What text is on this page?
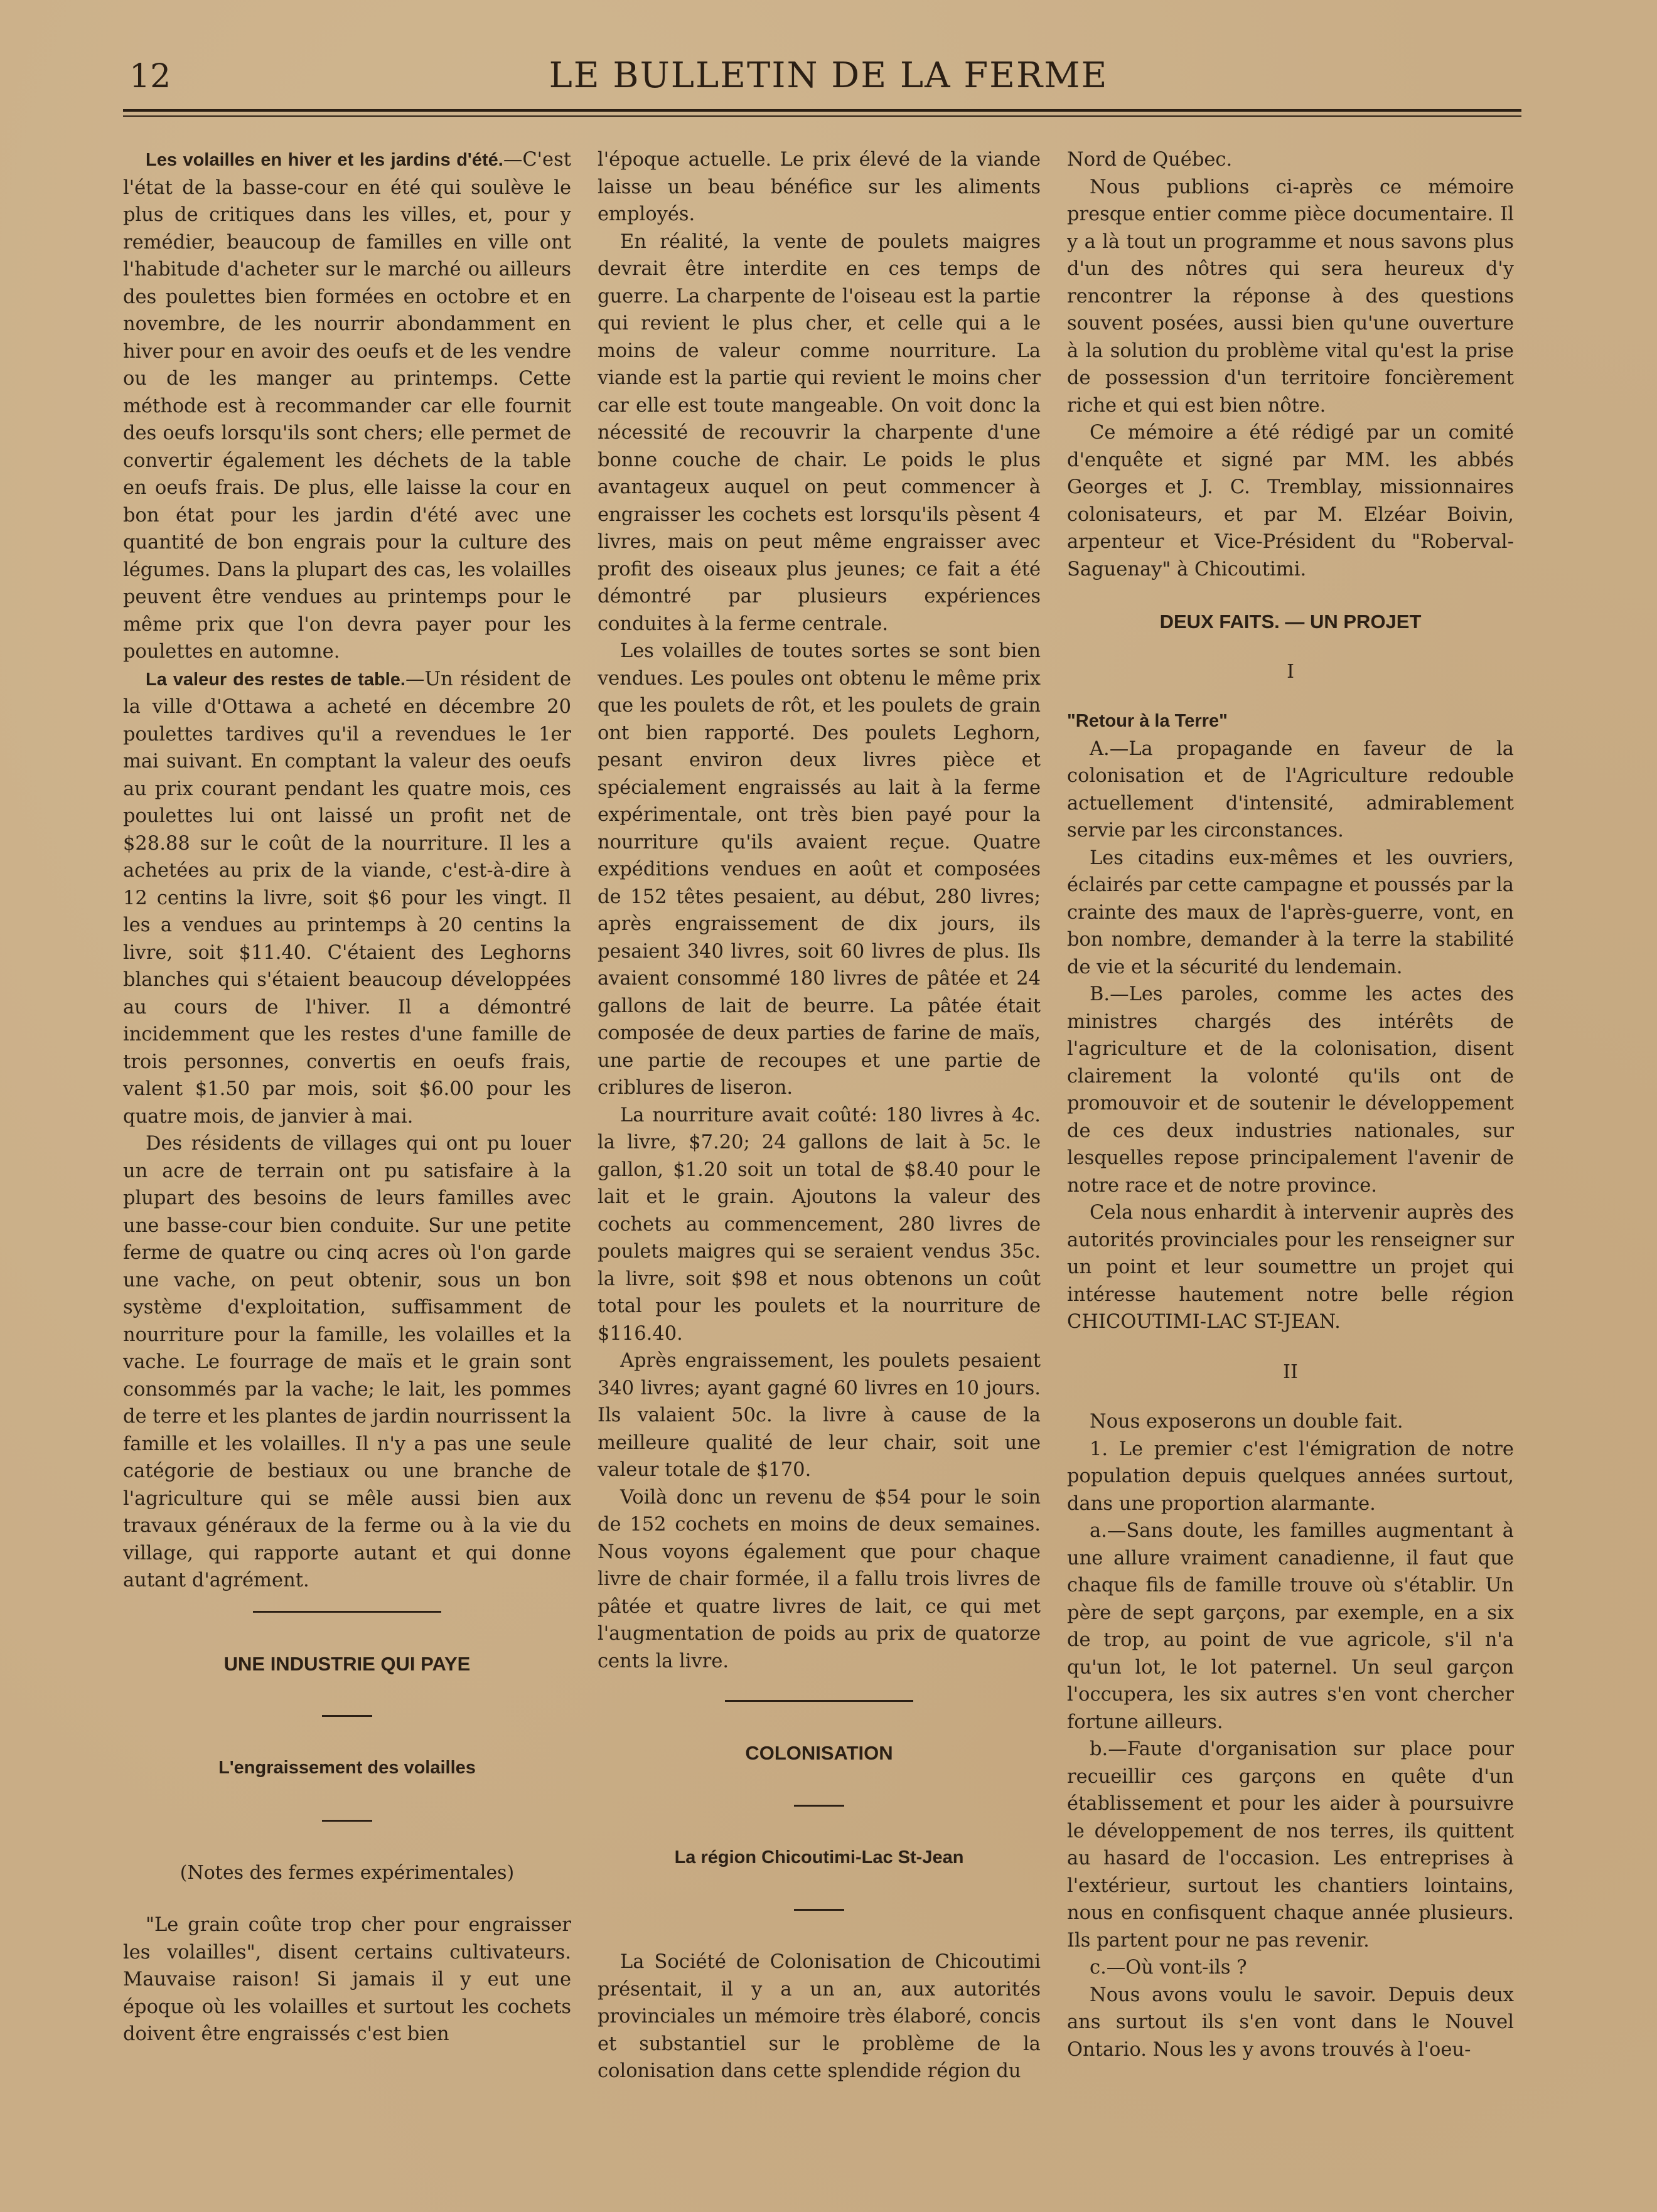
12	LE BULLETIN DE LA FERME

Les volailles en hiver et les jardins d'été.—C'est l'état de la basse-cour en été qui soulève le plus de critiques dans les villes, et, pour y remédier, beaucoup de familles en ville ont l'habitude d'acheter sur le marché ou ailleurs des poulettes bien formées en octobre et en novembre, de les nourrir abondamment en hiver pour en avoir des oeufs et de les vendre ou de les manger au printemps. Cette méthode est à recommander car elle fournit des oeufs lorsqu'ils sont chers; elle permet de convertir également les déchets de la table en oeufs frais. De plus, elle laisse la cour en bon état pour les jardin d'été avec une quantité de bon engrais pour la culture des légumes. Dans la plupart des cas, les volailles peuvent être vendues au printemps pour le même prix que l'on devra payer pour les poulettes en automne.

La valeur des restes de table.—Un résident de la ville d'Ottawa a acheté en décembre 20 poulettes tardives qu'il a revendues le 1er mai suivant. En comptant la valeur des oeufs au prix courant pendant les quatre mois, ces poulettes lui ont laissé un profit net de $28.88 sur le coût de la nourriture. Il les a achetées au prix de la viande, c'est-à-dire à 12 centins la livre, soit $6 pour les vingt. Il les a vendues au printemps à 20 centins la livre, soit $11.40. C'étaient des Leghorns blanches qui s'étaient beaucoup développées au cours de l'hiver. Il a démontré incidemment que les restes d'une famille de trois personnes, convertis en oeufs frais, valent $1.50 par mois, soit $6.00 pour les quatre mois, de janvier à mai.

Des résidents de villages qui ont pu louer un acre de terrain ont pu satisfaire à la plupart des besoins de leurs familles avec une basse-cour bien conduite. Sur une petite ferme de quatre ou cinq acres où l'on garde une vache, on peut obtenir, sous un bon système d'exploitation, suffisamment de nourriture pour la famille, les volailles et la vache. Le fourrage de maïs et le grain sont consommés par la vache; le lait, les pommes de terre et les plantes de jardin nourrissent la famille et les volailles. Il n'y a pas une seule catégorie de bestiaux ou une branche de l'agriculture qui se mêle aussi bien aux travaux généraux de la ferme ou à la vie du village, qui rapporte autant et qui donne autant d'agrément.

UNE INDUSTRIE QUI PAYE
L'engraissement des volailles
(Notes des fermes expérimentales)

"Le grain coûte trop cher pour engraisser les volailles", disent certains cultivateurs. Mauvaise raison! Si jamais il y eut une époque où les volailles et surtout les cochets doivent être engraissés c'est bien

l'époque actuelle. Le prix élevé de la viande laisse un beau bénéfice sur les aliments employés.

En réalité, la vente de poulets maigres devrait être interdite en ces temps de guerre. La charpente de l'oiseau est la partie qui revient le plus cher, et celle qui a le moins de valeur comme nourriture. La viande est la partie qui revient le moins cher car elle est toute mangeable. On voit donc la nécessité de recouvrir la charpente d'une bonne couche de chair. Le poids le plus avantageux auquel on peut commencer à engraisser les cochets est lorsqu'ils pèsent 4 livres, mais on peut même engraisser avec profit des oiseaux plus jeunes; ce fait a été démontré par plusieurs expériences conduites à la ferme centrale.

Les volailles de toutes sortes se sont bien vendues. Les poules ont obtenu le même prix que les poulets de rôt, et les poulets de grain ont bien rapporté. Des poulets Leghorn, pesant environ deux livres pièce et spécialement engraissés au lait à la ferme expérimentale, ont très bien payé pour la nourriture qu'ils avaient reçue. Quatre expéditions vendues en août et composées de 152 têtes pesaient, au début, 280 livres; après engraissement de dix jours, ils pesaient 340 livres, soit 60 livres de plus. Ils avaient consommé 180 livres de pâtée et 24 gallons de lait de beurre. La pâtée était composée de deux parties de farine de maïs, une partie de recoupes et une partie de criblures de liseron.

La nourriture avait coûté: 180 livres à 4c. la livre, $7.20; 24 gallons de lait à 5c. le gallon, $1.20 soit un total de $8.40 pour le lait et le grain. Ajoutons la valeur des cochets au commencement, 280 livres de poulets maigres qui se seraient vendus 35c. la livre, soit $98 et nous obtenons un coût total pour les poulets et la nourriture de $116.40.

Après engraissement, les poulets pesaient 340 livres; ayant gagné 60 livres en 10 jours. Ils valaient 50c. la livre à cause de la meilleure qualité de leur chair, soit une valeur totale de $170.

Voilà donc un revenu de $54 pour le soin de 152 cochets en moins de deux semaines. Nous voyons également que pour chaque livre de chair formée, il a fallu trois livres de pâtée et quatre livres de lait, ce qui met l'augmentation de poids au prix de quatorze cents la livre.

COLONISATION
La région Chicoutimi-Lac St-Jean

La Société de Colonisation de Chicoutimi présentait, il y a un an, aux autorités provinciales un mémoire très élaboré, concis et substantiel sur le problème de la colonisation dans cette splendide région du

Nord de Québec.

Nous publions ci-après ce mémoire presque entier comme pièce documentaire. Il y a là tout un programme et nous savons plus d'un des nôtres qui sera heureux d'y rencontrer la réponse à des questions souvent posées, aussi bien qu'une ouverture à la solution du problème vital qu'est la prise de possession d'un territoire foncièrement riche et qui est bien nôtre.

Ce mémoire a été rédigé par un comité d'enquête et signé par MM. les abbés Georges et J. C. Tremblay, missionnaires colonisateurs, et par M. Elzéar Boivin, arpenteur et Vice-Président du "Roberval-Saguenay" à Chicoutimi.

DEUX FAITS. — UN PROJET
I

"Retour à la Terre"

A.—La propagande en faveur de la colonisation et de l'Agriculture redouble actuellement d'intensité, admirablement servie par les circonstances.

Les citadins eux-mêmes et les ouvriers, éclairés par cette campagne et poussés par la crainte des maux de l'après-guerre, vont, en bon nombre, demander à la terre la stabilité de vie et la sécurité du lendemain.

B.—Les paroles, comme les actes des ministres chargés des intérêts de l'agriculture et de la colonisation, disent clairement la volonté qu'ils ont de promouvoir et de soutenir le développement de ces deux industries nationales, sur lesquelles repose principalement l'avenir de notre race et de notre province.

Cela nous enhardit à intervenir auprès des autorités provinciales pour les renseigner sur un point et leur soumettre un projet qui intéresse hautement notre belle région CHICOUTIMI-LAC ST-JEAN.

II

Nous exposerons un double fait.

1. Le premier c'est l'émigration de notre population depuis quelques années surtout, dans une proportion alarmante.

a.—Sans doute, les familles augmentant à une allure vraiment canadienne, il faut que chaque fils de famille trouve où s'établir. Un père de sept garçons, par exemple, en a six de trop, au point de vue agricole, s'il n'a qu'un lot, le lot paternel. Un seul garçon l'occupera, les six autres s'en vont chercher fortune ailleurs.

b.—Faute d'organisation sur place pour recueillir ces garçons en quête d'un établissement et pour les aider à poursuivre le développement de nos terres, ils quittent au hasard de l'occasion. Les entreprises à l'extérieur, surtout les chantiers lointains, nous en confisquent chaque année plusieurs. Ils partent pour ne pas revenir.

c.—Où vont-ils ?

Nous avons voulu le savoir. Depuis deux ans surtout ils s'en vont dans le Nouvel Ontario. Nous les y avons trouvés à l'oeu-
